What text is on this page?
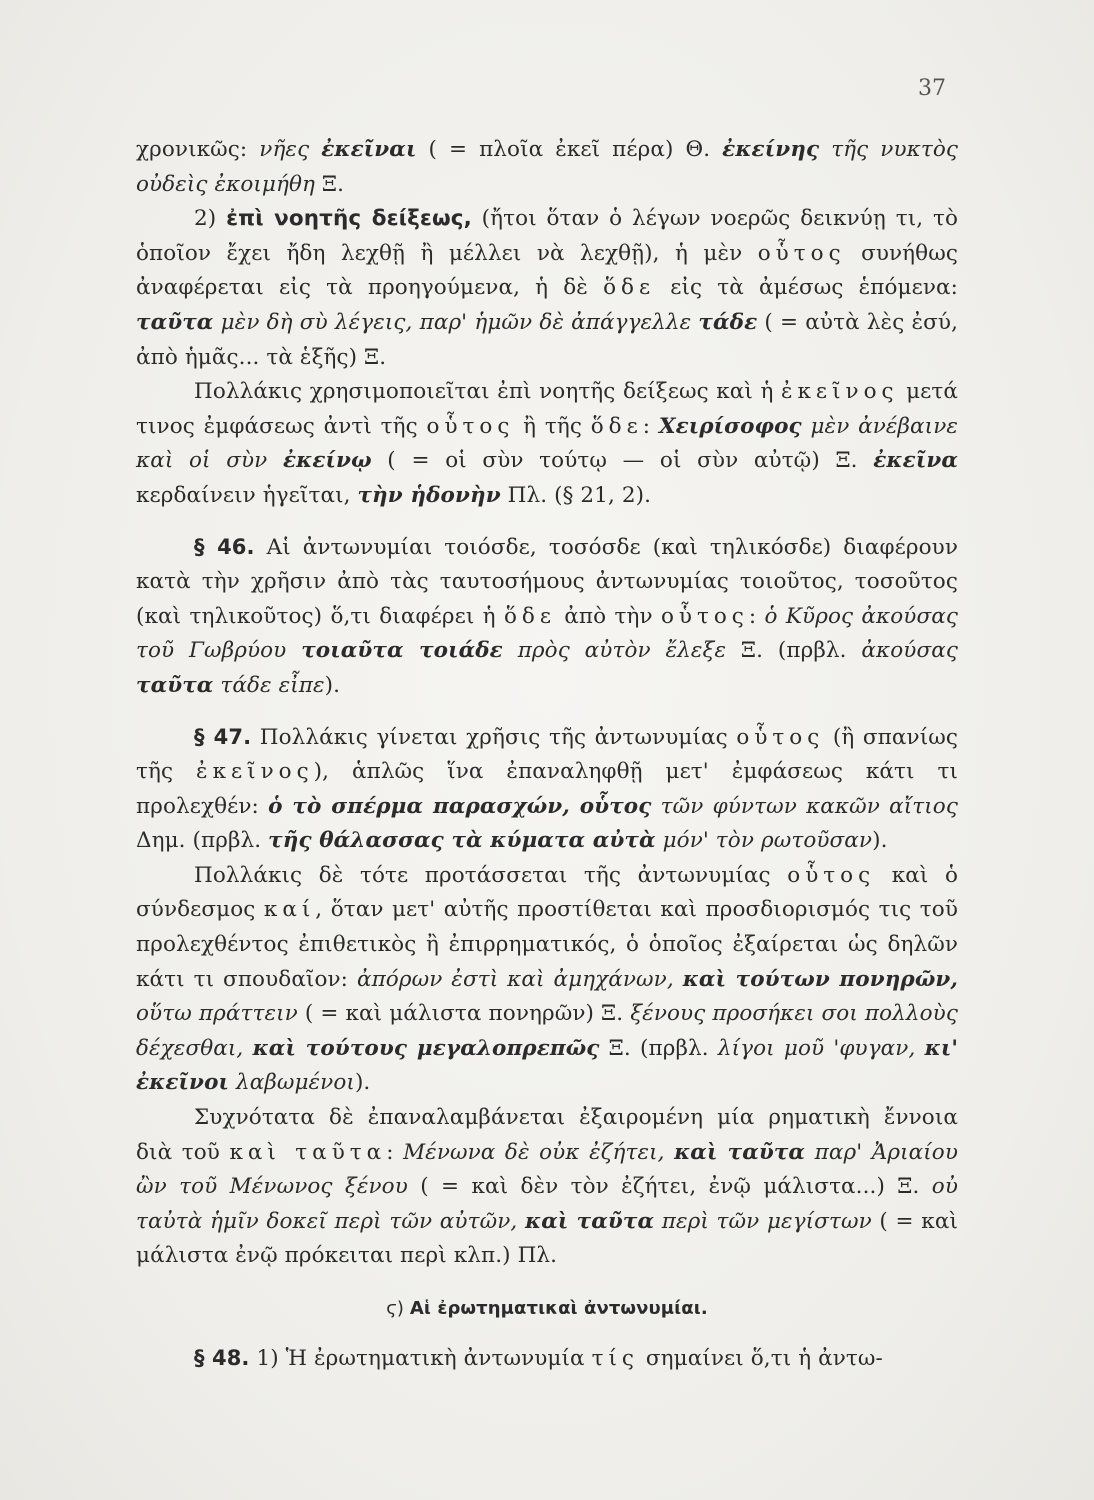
37

χρονικῶς: νῆες ἐκεῖναι ( = πλοῖα ἐκεῖ πέρα) Θ. ἐκείνης τῆς νυκτὸς οὐδεὶς ἐκοιμήθη Ξ.

2) ἐπὶ νοητῆς δείξεως, (ἤτοι ὅταν ὁ λέγων νοερῶς δεικνύῃ τι, τὸ ὁποῖον ἔχει ἤδη λεχθῇ ἢ μέλλει νὰ λεχθῇ), ἡ μὲν οὗτος συνήθως ἀναφέρεται εἰς τὰ προηγούμενα, ἡ δὲ ὅδε εἰς τὰ ἀμέσως ἑπόμενα: ταῦτα μὲν δὴ σὺ λέγεις, παρ' ἡμῶν δὲ ἀπάγγελλε τάδε ( = αὐτὰ λὲς ἐσύ, ἀπὸ ἡμᾶς... τὰ ἑξῆς) Ξ.

Πολλάκις χρησιμοποιεῖται ἐπὶ νοητῆς δείξεως καὶ ἡ ἐκεῖνος μετά τινος ἐμφάσεως ἀντὶ τῆς οὗτος ἢ τῆς ὅδε: Χειρίσοφος μὲν ἀνέβαινε καὶ οἱ σὺν ἐκείνῳ ( = οἱ σὺν τούτῳ — οἱ σὺν αὐτῷ) Ξ. ἐκεῖνα κερδαίνειν ἡγεῖται, τὴν ἡδονὴν Πλ. (§ 21, 2).

§ 46. Αἱ ἀντωνυμίαι τοιόσδε, τοσόσδε (καὶ τηλικόσδε) διαφέρουν κατὰ τὴν χρῆσιν ἀπὸ τὰς ταυτοσήμους ἀντωνυμίας τοιοῦτος, τοσοῦτος (καὶ τηλικοῦτος) ὅ,τι διαφέρει ἡ ὅδε ἀπὸ τὴν οὗτος: ὁ Κῦρος ἀκούσας τοῦ Γωβρύου τοιαῦτα τοιάδε πρὸς αὐτὸν ἔλεξε Ξ. (πρβλ. ἀκούσας ταῦτα τάδε εἶπε).

§ 47. Πολλάκις γίνεται χρῆσις τῆς ἀντωνυμίας οὗτος (ἢ σπανίως τῆς ἐκεῖνος), ἁπλῶς ἵνα ἐπαναληφθῇ μετ' ἐμφάσεως κάτι τι προλεχθέν: ὁ τὸ σπέρμα παρασχών, οὗτος τῶν φύντων κακῶν αἴτιος Δημ. (πρβλ. τῆς θάλασσας τὰ κύματα αὐτὰ μόν' τὸν ρωτοῦσαν).

Πολλάκις δὲ τότε προτάσσεται τῆς ἀντωνυμίας οὗτος καὶ ὁ σύνδεσμος καί, ὅταν μετ' αὐτῆς προστίθεται καὶ προσδιορισμός τις τοῦ προλεχθέντος ἐπιθετικὸς ἢ ἐπιρρηματικός, ὁ ὁποῖος ἐξαίρεται ὡς δηλῶν κάτι τι σπουδαῖον: ἀπόρων ἐστὶ καὶ ἀμηχάνων, καὶ τούτων πονηρῶν, οὕτω πράττειν ( = καὶ μάλιστα πονηρῶν) Ξ. ξένους προσήκει σοι πολλοὺς δέχεσθαι, καὶ τούτους μεγαλοπρεπῶς Ξ. (πρβλ. λίγοι μοῦ 'φυγαν, κι' ἐκεῖνοι λαβωμένοι).

Συχνότατα δὲ ἐπαναλαμβάνεται ἐξαιρομένη μία ρηματικὴ ἔννοια διὰ τοῦ καὶ ταῦτα: Μένωνα δὲ οὐκ ἐζήτει, καὶ ταῦτα παρ' Ἀριαίου ὢν τοῦ Μένωνος ξένου ( = καὶ δὲν τὸν ἐζήτει, ἐνῷ μάλιστα...) Ξ. οὐ ταὐτὰ ἡμῖν δοκεῖ περὶ τῶν αὐτῶν, καὶ ταῦτα περὶ τῶν μεγίστων ( = καὶ μάλιστα ἐνῷ πρόκειται περὶ κλπ.) Πλ.

ϛ) Αἱ ἐρωτηματικαὶ ἀντωνυμίαι.

§ 48. 1) Ἡ ἐρωτηματικὴ ἀντωνυμία τίς σημαίνει ὅ,τι ἡ ἀντω-
